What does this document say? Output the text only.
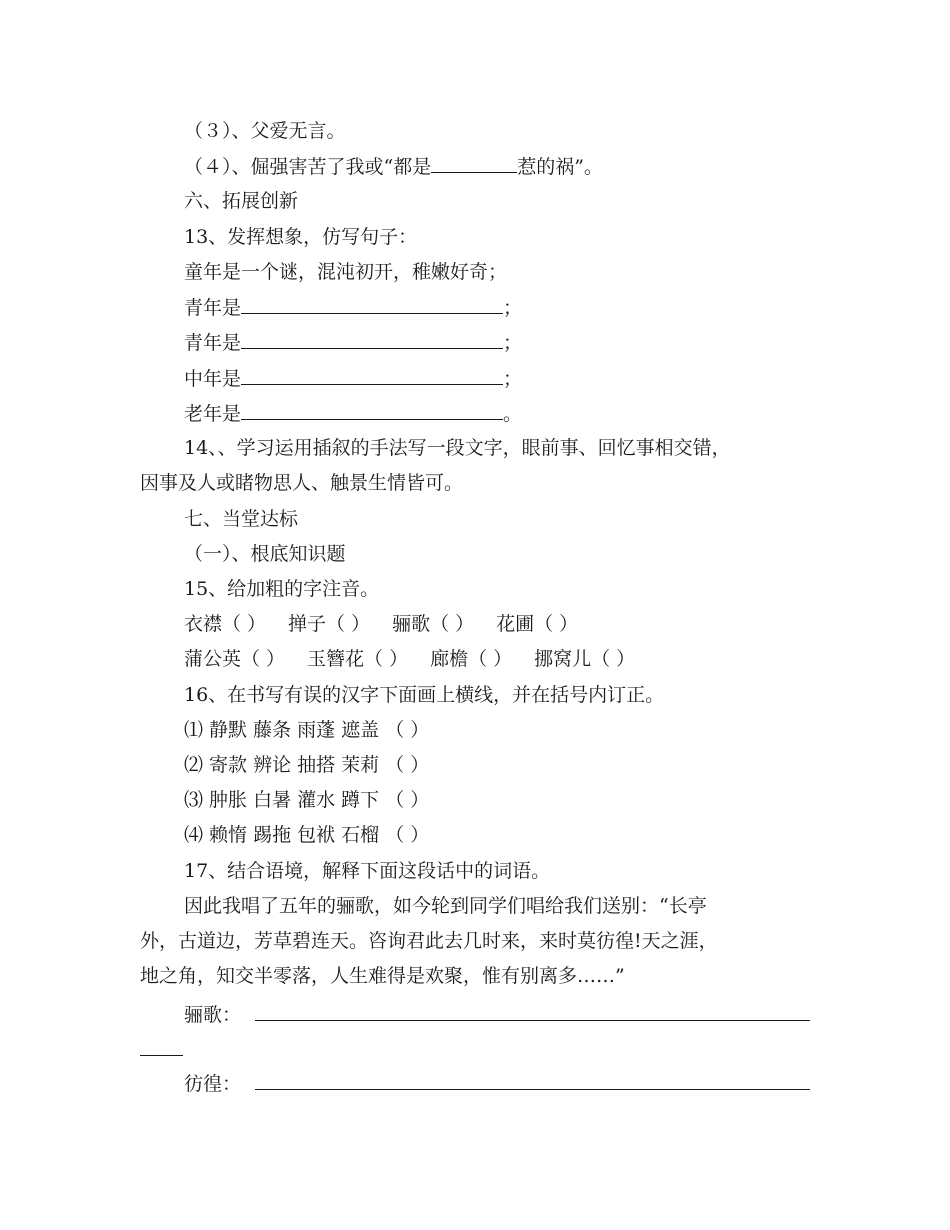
（３）、父爱无言。
（４）、倔强害苦了我或“都是	惹的祸”。
六、拓展创新
13、发挥想象，仿写句子：
童年是一个谜，混沌初开，稚嫩好奇；
青年是	；
青年是	；
中年是	；
老年是	。
14、、学习运用插叙的手法写一段文字，眼前事、回忆事相交错，
因事及人或睹物思人、触景生情皆可。
七、当堂达标
（一）、根底知识题
15、给加粗的字注音。
衣襟（ ） 掸子（ ） 骊歌（ ） 花圃（ ）
蒲公英（ ） 玉簪花（ ） 廊檐（ ） 挪窝儿（ ）
16、在书写有误的汉字下面画上横线，并在括号内订正。
⑴ 静默 藤条 雨蓬 遮盖 （ ）
⑵ 寄款 辨论 抽搭 茉莉 （ ）
⑶ 肿胀 白暑 灌水 蹲下 （ ）
⑷ 赖惰 踢拖 包袱 石榴 （ ）
17、结合语境，解释下面这段话中的词语。
因此我唱了五年的骊歌，如今轮到同学们唱给我们送别：“长亭
外，古道边，芳草碧连天。咨询君此去几时来，来时莫彷徨!天之涯，
地之角，知交半零落，人生难得是欢聚，惟有别离多……”
骊歌：
彷徨：
